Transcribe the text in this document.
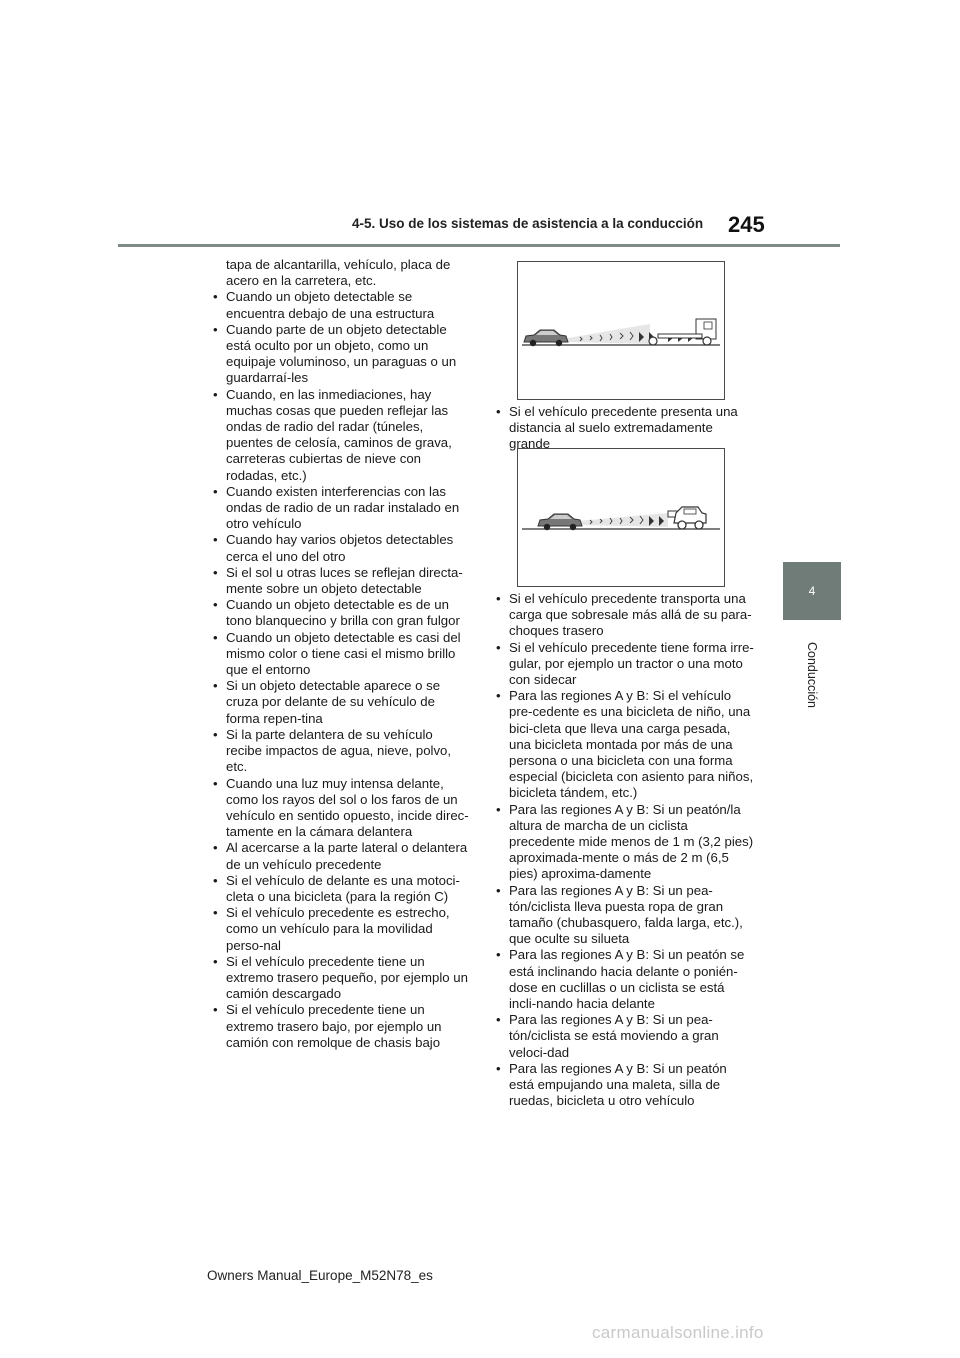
4-5. Uso de los sistemas de asistencia a la conducción	245
4
Conducción
tapa de alcantarilla, vehículo, placa de acero en la carretera, etc.
• Cuando un objeto detectable se encuentra debajo de una estructura
• Cuando parte de un objeto detectable está oculto por un objeto, como un equipaje voluminoso, un paraguas o un guardarraí-les
• Cuando, en las inmediaciones, hay muchas cosas que pueden reflejar las ondas de radio del radar (túneles, puentes de celosía, caminos de grava, carreteras cubiertas de nieve con rodadas, etc.)
• Cuando existen interferencias con las ondas de radio de un radar instalado en otro vehículo
• Cuando hay varios objetos detectables cerca el uno del otro
• Si el sol u otras luces se reflejan directa-mente sobre un objeto detectable
• Cuando un objeto detectable es de un tono blanquecino y brilla con gran fulgor
• Cuando un objeto detectable es casi del mismo color o tiene casi el mismo brillo que el entorno
• Si un objeto detectable aparece o se cruza por delante de su vehículo de forma repen-tina
• Si la parte delantera de su vehículo recibe impactos de agua, nieve, polvo, etc.
• Cuando una luz muy intensa delante, como los rayos del sol o los faros de un vehículo en sentido opuesto, incide direc-tamente en la cámara delantera
• Al acercarse a la parte lateral o delantera de un vehículo precedente
• Si el vehículo de delante es una motoci-cleta o una bicicleta (para la región C)
• Si el vehículo precedente es estrecho, como un vehículo para la movilidad perso-nal
• Si el vehículo precedente tiene un extremo trasero pequeño, por ejemplo un camión descargado
• Si el vehículo precedente tiene un extremo trasero bajo, por ejemplo un camión con remolque de chasis bajo
• Si el vehículo precedente presenta una distancia al suelo extremadamente grande
• Si el vehículo precedente transporta una carga que sobresale más allá de su para-choques trasero
• Si el vehículo precedente tiene forma irre-gular, por ejemplo un tractor o una moto con sidecar
• Para las regiones A y B: Si el vehículo pre-cedente es una bicicleta de niño, una bici-cleta que lleva una carga pesada, una bicicleta montada por más de una persona o una bicicleta con una forma especial (bicicleta con asiento para niños, bicicleta tándem, etc.)
• Para las regiones A y B: Si un peatón/la altura de marcha de un ciclista precedente mide menos de 1 m (3,2 pies) aproximada-mente o más de 2 m (6,5 pies) aproxima-damente
• Para las regiones A y B: Si un pea-tón/ciclista lleva puesta ropa de gran tamaño (chubasquero, falda larga, etc.), que oculte su silueta
• Para las regiones A y B: Si un peatón se está inclinando hacia delante o ponién-dose en cuclillas o un ciclista se está incli-nando hacia delante
• Para las regiones A y B: Si un pea-tón/ciclista se está moviendo a gran veloci-dad
• Para las regiones A y B: Si un peatón está empujando una maleta, silla de ruedas, bicicleta u otro vehículo
Owners Manual_Europe_M52N78_es
carmanualsonline.info
